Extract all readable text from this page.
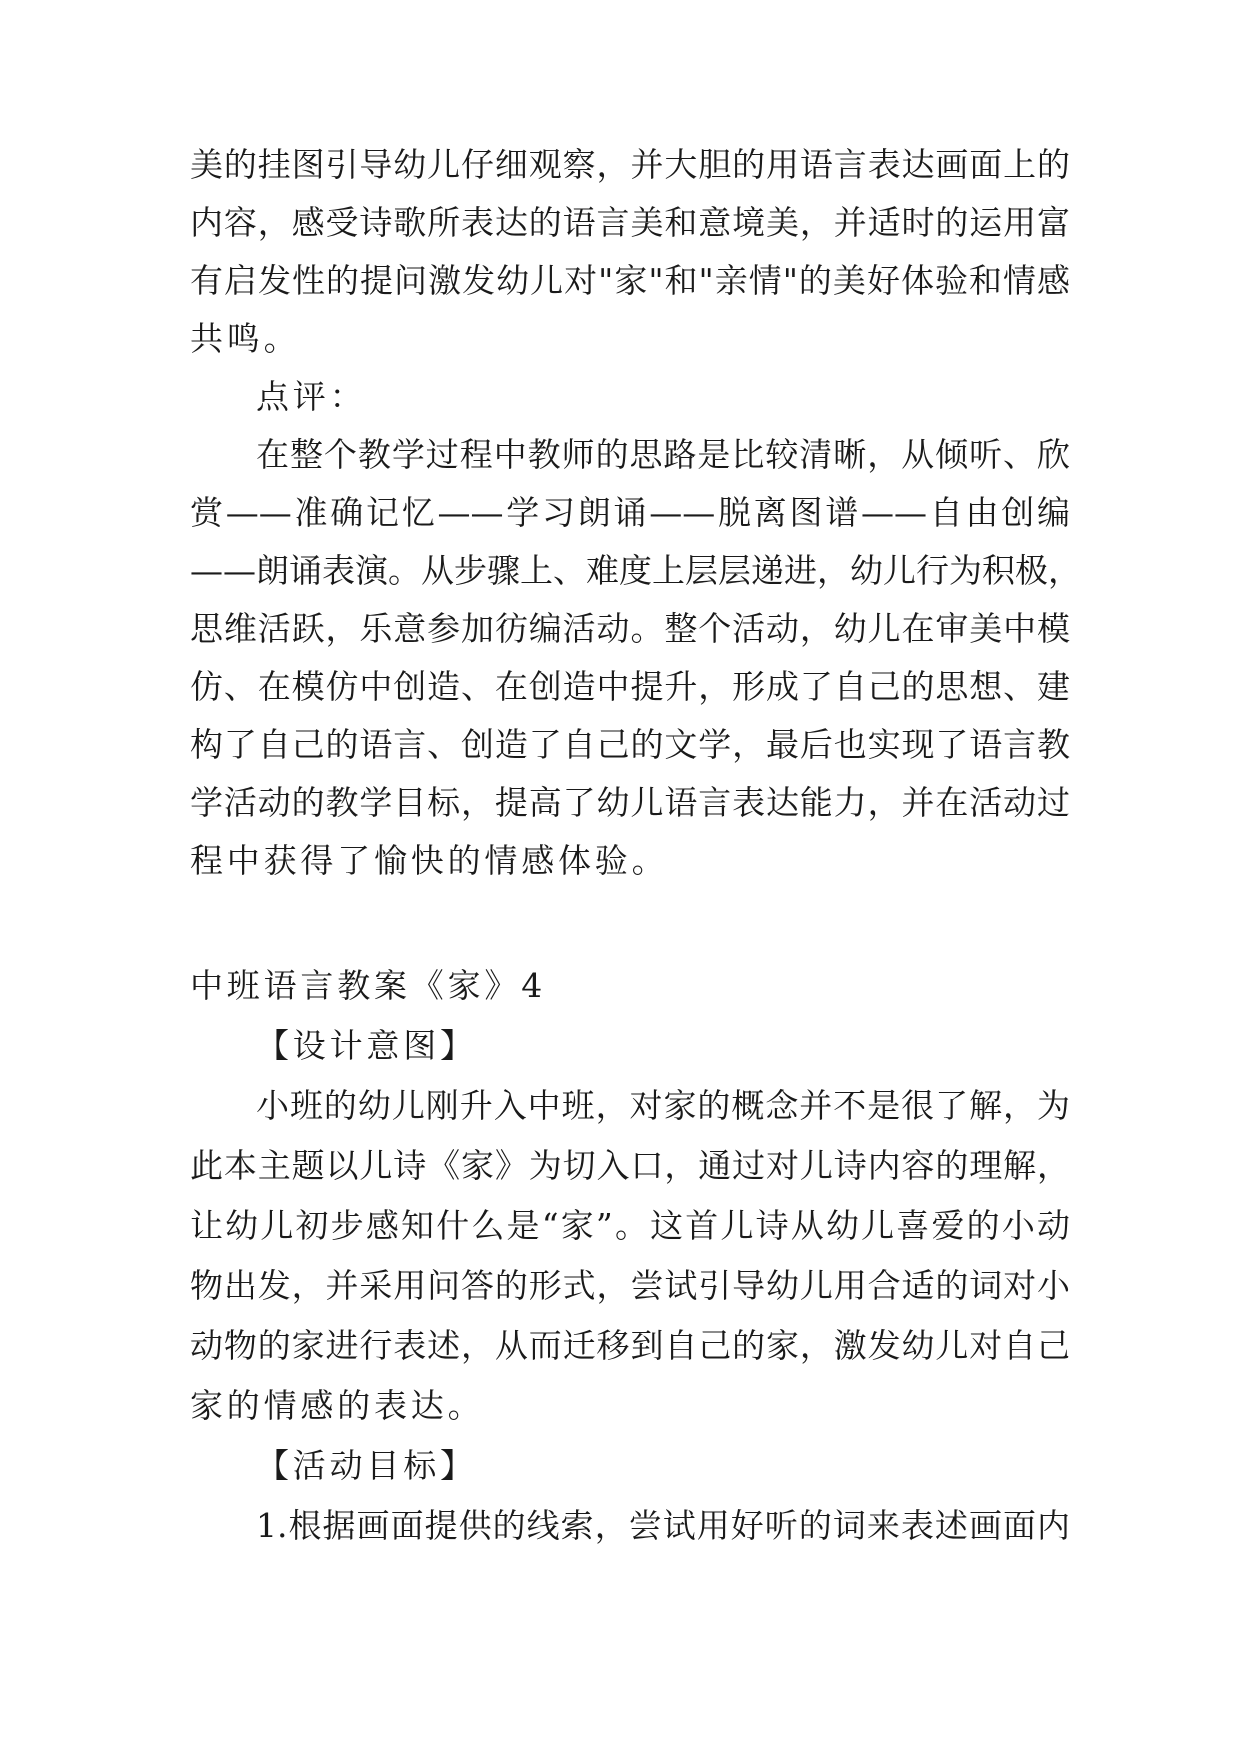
美的挂图引导幼儿仔细观察，并大胆的用语言表达画面上的
内容，感受诗歌所表达的语言美和意境美，并适时的运用富
有启发性的提问激发幼儿对"家"和"亲情"的美好体验和情感
共鸣。
点评：
在整个教学过程中教师的思路是比较清晰，从倾听、欣
赏——准确记忆——学习朗诵——脱离图谱——自由创编
——朗诵表演。从步骤上、难度上层层递进，幼儿行为积极，
思维活跃，乐意参加彷编活动。整个活动，幼儿在审美中模
仿、在模仿中创造、在创造中提升，形成了自己的思想、建
构了自己的语言、创造了自己的文学，最后也实现了语言教
学活动的教学目标，提高了幼儿语言表达能力，并在活动过
程中获得了愉快的情感体验。
中班语言教案《家》4
【设计意图】
小班的幼儿刚升入中班，对家的概念并不是很了解，为
此本主题以儿诗《家》为切入口，通过对儿诗内容的理解，
让幼儿初步感知什么是“家”。这首儿诗从幼儿喜爱的小动
物出发，并采用问答的形式，尝试引导幼儿用合适的词对小
动物的家进行表述，从而迁移到自己的家，激发幼儿对自己
家的情感的表达。
【活动目标】
1.根据画面提供的线索，尝试用好听的词来表述画面内
